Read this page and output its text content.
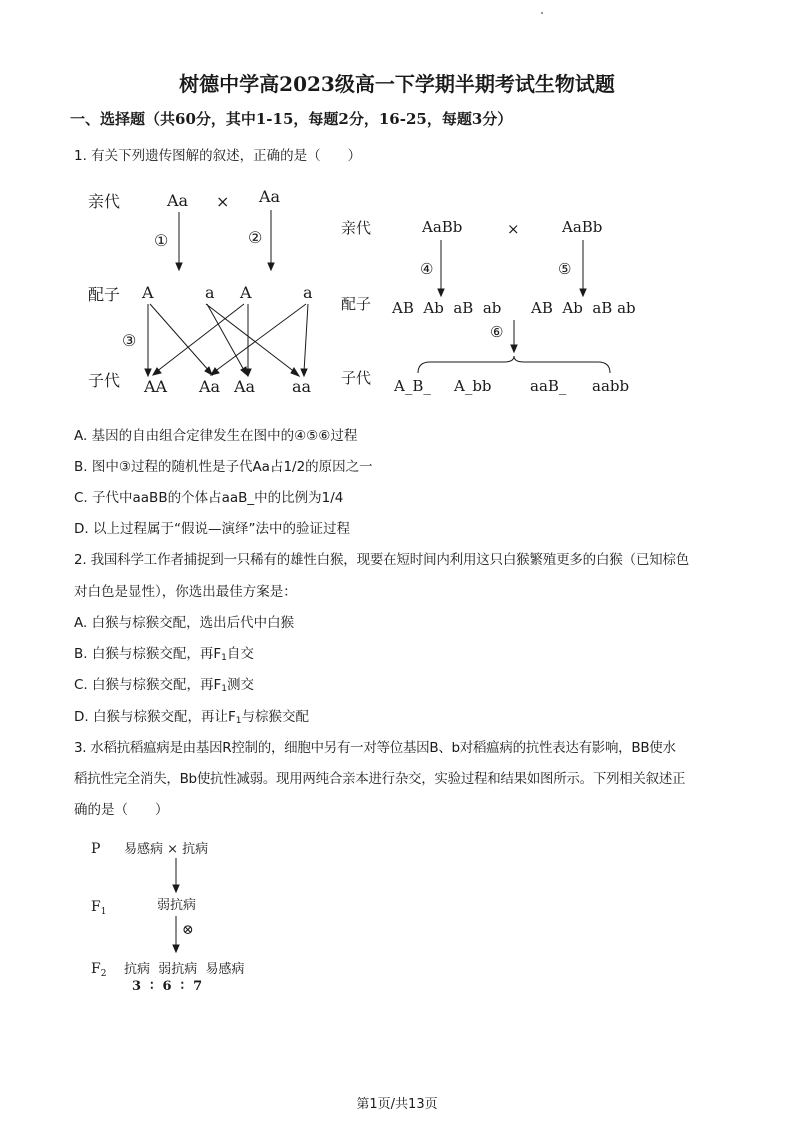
树德中学高2023级高一下学期半期考试生物试题
一、选择题（共60分，其中1-15，每题2分，16-25，每题3分）
1. 有关下列遗传图解的叙述，正确的是（　　）
亲代	Aa × Aa
①	②
配子 A	a A	a
③
子代 AA Aa Aa aa
亲代	AaBb	×	AaBb
④	⑤
配子 AB  Ab  aB  ab AB  Ab  aB ab
⑥
子代 A_B_ A_bb	aaB_ aabb
A. 基因的自由组合定律发生在图中的④⑤⑥过程
B. 图中③过程的随机性是子代Aa占1/2的原因之一
C. 子代中aaBB的个体占aaB_中的比例为1/4
D. 以上过程属于“假说—演绎”法中的验证过程
2. 我国科学工作者捕捉到一只稀有的雄性白猴，现要在短时间内利用这只白猴繁殖更多的白猴（已知棕色
对白色是显性），你选出最佳方案是：
A. 白猴与棕猴交配，选出后代中白猴
B. 白猴与棕猴交配，再$F_1$自交
C. 白猴与棕猴交配，再$F_1$测交
D. 白猴与棕猴交配，再让$F_1$与棕猴交配
3. 水稻抗稻瘟病是由基因R控制的，细胞中另有一对等位基因B、b对稻瘟病的抗性表达有影响，BB使水
稻抗性完全消失，Bb使抗性减弱。现用两纯合亲本进行杂交，实验过程和结果如图所示。下列相关叙述正
确的是（　　）
P 易感病 × 抗病
$F_1$	弱抗病
⊗
$F_2$ 抗病  弱抗病  易感病
3  ∶  6  ∶  7
第1页/共13页
